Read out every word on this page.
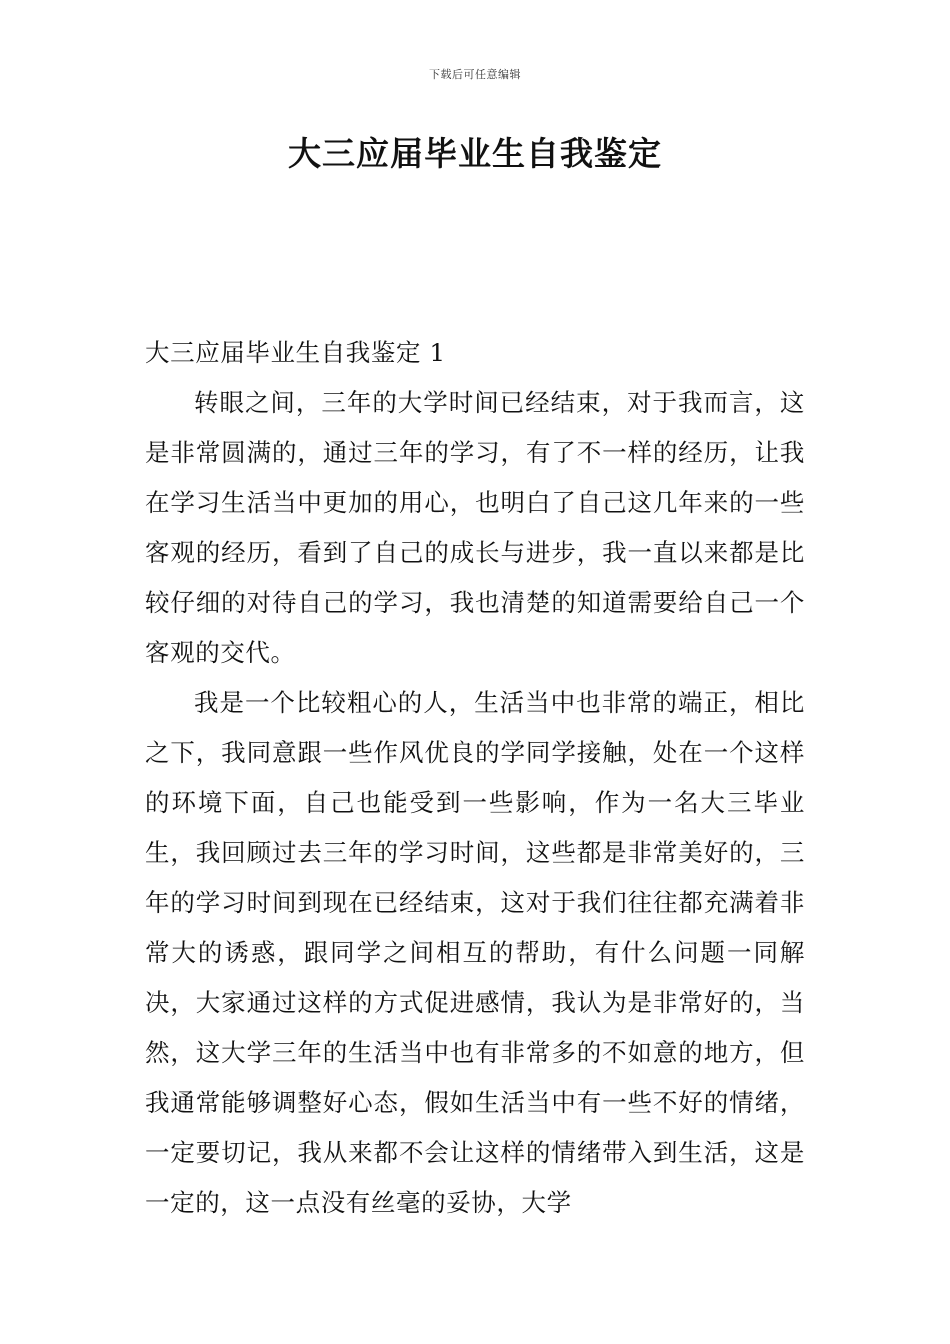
下载后可任意编辑
大三应届毕业生自我鉴定

大三应届毕业生自我鉴定 1

转眼之间，三年的大学时间已经结束，对于我而言，这是非常圆满的，通过三年的学习，有了不一样的经历，让我在学习生活当中更加的用心，也明白了自己这几年来的一些客观的经历，看到了自己的成长与进步，我一直以来都是比较仔细的对待自己的学习，我也清楚的知道需要给自己一个客观的交代。

我是一个比较粗心的人，生活当中也非常的端正，相比之下，我同意跟一些作风优良的学同学接触，处在一个这样的环境下面，自己也能受到一些影响，作为一名大三毕业生，我回顾过去三年的学习时间，这些都是非常美好的，三年的学习时间到现在已经结束，这对于我们往往都充满着非常大的诱惑，跟同学之间相互的帮助，有什么问题一同解决，大家通过这样的方式促进感情，我认为是非常好的，当然，这大学三年的生活当中也有非常多的不如意的地方，但我通常能够调整好心态，假如生活当中有一些不好的情绪，一定要切记，我从来都不会让这样的情绪带入到生活，这是一定的，这一点没有丝毫的妥协，大学
